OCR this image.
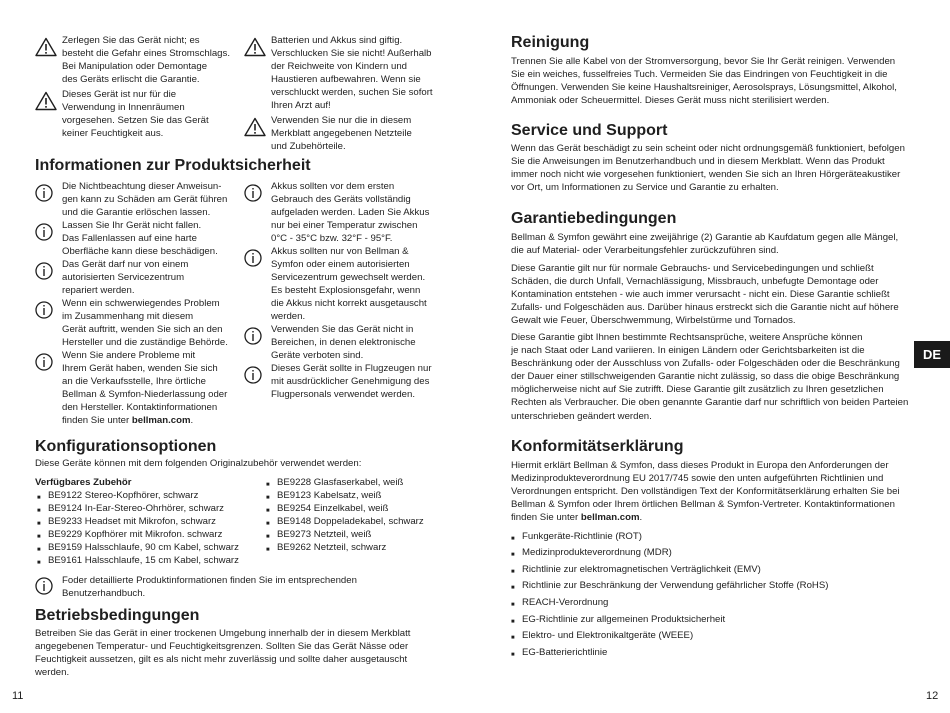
Zerlegen Sie das Gerät nicht; es
besteht die Gefahr eines Stromschlags.
Bei Manipulation oder Demontage
des Geräts erlischt die Garantie.
Dieses Gerät ist nur für die
Verwendung in Innenräumen
vorgesehen. Setzen Sie das Gerät
keiner Feuchtigkeit aus.
Batterien und Akkus sind giftig.
Verschlucken Sie sie nicht! Außerhalb
der Reichweite von Kindern und
Haustieren aufbewahren. Wenn sie
verschluckt werden, suchen Sie sofort
Ihren Arzt auf!
Verwenden Sie nur die in diesem
Merkblatt angegebenen Netzteile
und Zubehörteile.
Informationen zur Produktsicherheit
Die Nichtbeachtung dieser Anweisun-
gen kann zu Schäden am Gerät führen
und die Garantie erlöschen lassen.
Lassen Sie Ihr Gerät nicht fallen.
Das Fallenlassen auf eine harte
Oberfläche kann diese beschädigen.
Das Gerät darf nur von einem
autorisierten Servicezentrum
repariert werden.
Wenn ein schwerwiegendes Problem
im Zusammenhang mit diesem
Gerät auftritt, wenden Sie sich an den
Hersteller und die zuständige Behörde.
Wenn Sie andere Probleme mit
Ihrem Gerät haben, wenden Sie sich
an die Verkaufsstelle, Ihre örtliche
Bellman & Symfon-Niederlassung oder
den Hersteller. Kontaktinformationen
finden Sie unter bellman.com.
Akkus sollten vor dem ersten
Gebrauch des Geräts vollständig
aufgeladen werden. Laden Sie Akkus
nur bei einer Temperatur zwischen
0°C - 35°C bzw. 32°F - 95°F.
Akkus sollten nur von Bellman &
Symfon oder einem autorisierten
Servicezentrum gewechselt werden.
Es besteht Explosionsgefahr, wenn
die Akkus nicht korrekt ausgetauscht
werden.
Verwenden Sie das Gerät nicht in
Bereichen, in denen elektronische
Geräte verboten sind.
Dieses Gerät sollte in Flugzeugen nur
mit ausdrücklicher Genehmigung des
Flugpersonals verwendet werden.
Konfigurationsoptionen
Diese Geräte können mit dem folgenden Originalzubehör verwendet werden:
Verfügbares Zubehör
■ BE9122 Stereo-Kopfhörer, schwarz
■ BE9124 In-Ear-Stereo-Ohrhörer, schwarz
■ BE9233 Headset mit Mikrofon, schwarz
■ BE9229 Kopfhörer mit Mikrofon. schwarz
■ BE9159 Halsschlaufe, 90 cm Kabel, schwarz
■ BE9161 Halsschlaufe, 15 cm Kabel, schwarz
■ BE9228 Glasfaserkabel, weiß
■ BE9123 Kabelsatz, weiß
■ BE9254 Einzelkabel, weiß
■ BE9148 Doppeladekabel, schwarz
■ BE9273 Netzteil, weiß
■ BE9262 Netzteil, schwarz
Foder detaillierte Produktinformationen finden Sie im entsprechenden
Benutzerhandbuch.
Betriebsbedingungen
Betreiben Sie das Gerät in einer trockenen Umgebung innerhalb der in diesem Merkblatt
angegebenen Temperatur- und Feuchtigkeitsgrenzen. Sollten Sie das Gerät Nässe oder
Feuchtigkeit aussetzen, gilt es als nicht mehr zuverlässig und sollte daher ausgetauscht
werden.
11
Reinigung
Trennen Sie alle Kabel von der Stromversorgung, bevor Sie Ihr Gerät reinigen. Verwenden
Sie ein weiches, fusselfreies Tuch. Vermeiden Sie das Eindringen von Feuchtigkeit in die
Öffnungen. Verwenden Sie keine Haushaltsreiniger, Aerosolsprays, Lösungsmittel, Alkohol,
Ammoniak oder Scheuermittel. Dieses Gerät muss nicht sterilisiert werden.
Service und Support
Wenn das Gerät beschädigt zu sein scheint oder nicht ordnungsgemäß funktioniert, befolgen
Sie die Anweisungen im Benutzerhandbuch und in diesem Merkblatt. Wenn das Produkt
immer noch nicht wie vorgesehen funktioniert, wenden Sie sich an Ihren Hörgeräteakustiker
vor Ort, um Informationen zu Service und Garantie zu erhalten.
Garantiebedingungen
Bellman & Symfon gewährt eine zweijährige (2) Garantie ab Kaufdatum gegen alle Mängel,
die auf Material- oder Verarbeitungsfehler zurückzuführen sind.
Diese Garantie gilt nur für normale Gebrauchs- und Servicebedingungen und schließt
Schäden, die durch Unfall, Vernachlässigung, Missbrauch, unbefugte Demontage oder
Kontamination entstehen - wie auch immer verursacht - nicht ein. Diese Garantie schließt
Zufalls- und Folgeschäden aus. Darüber hinaus erstreckt sich die Garantie nicht auf höhere
Gewalt wie Feuer, Überschwemmung, Wirbelstürme und Tornados.
Diese Garantie gibt Ihnen bestimmte Rechtsansprüche, weitere Ansprüche können
je nach Staat oder Land variieren. In einigen Ländern oder Gerichtsbarkeiten ist die
Beschränkung oder der Ausschluss von Zufalls- oder Folgeschäden oder die Beschränkung
der Dauer einer stillschweigenden Garantie nicht zulässig, so dass die obige Beschränkung
möglicherweise nicht auf Sie zutrifft. Diese Garantie gilt zusätzlich zu Ihren gesetzlichen
Rechten als Verbraucher. Die oben genannte Garantie darf nur schriftlich von beiden Parteien
unterschrieben geändert werden.
Konformitätserklärung
Hiermit erklärt Bellman & Symfon, dass dieses Produkt in Europa den Anforderungen der
Medizinprodukteverordnung EU 2017/745 sowie den unten aufgeführten Richtlinien und
Verordnungen entspricht. Den vollständigen Text der Konformitätserklärung erhalten Sie bei
Bellman & Symfon oder Ihrem örtlichen Bellman & Symfon-Vertreter. Kontaktinformationen
finden Sie unter bellman.com.
■ Funkgeräte-Richtlinie (ROT)
■ Medizinprodukteverordnung (MDR)
■ Richtlinie zur elektromagnetischen Verträglichkeit (EMV)
■ Richtlinie zur Beschränkung der Verwendung gefährlicher Stoffe (RoHS)
■ REACH-Verordnung
■ EG-Richtlinie zur allgemeinen Produktsicherheit
■ Elektro- und Elektronikaltgeräte (WEEE)
■ EG-Batterierichtlinie
DE
12
